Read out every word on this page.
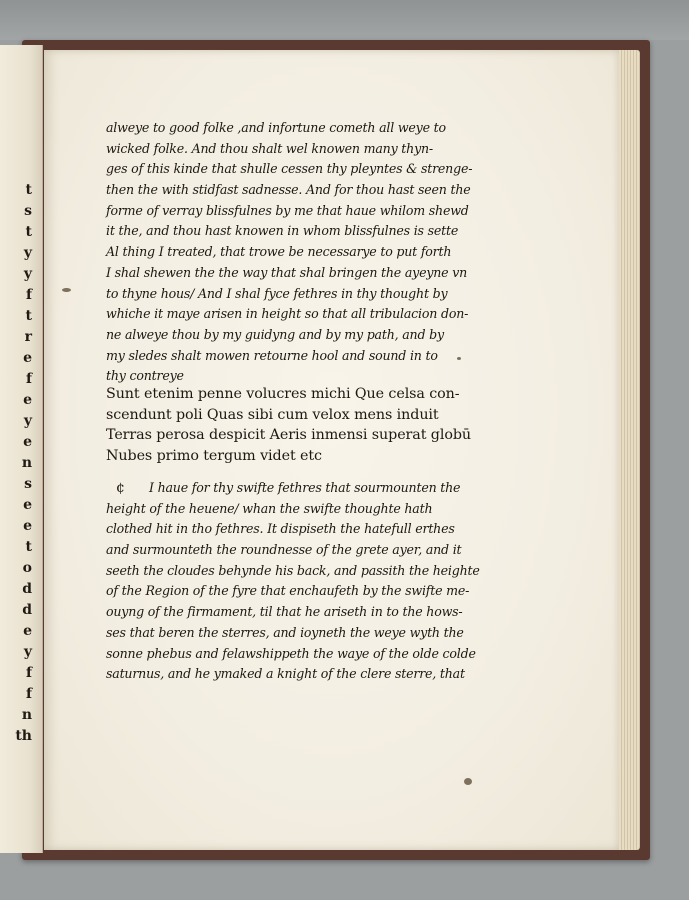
t
s
t
y
y
f
t
r
e
f
e
y
e
n
s
e
e
t
o
d
d
e
y
f
f
n
th
alweye to good folke ,and infortune cometh all weye to
wicked folke. And thou shalt wel knowen many thyn-
ges of this kinde that shulle cessen thy pleyntes & strenge-
then the with stidfast sadnesse. And for thou hast seen the
forme of verray blissfulnes by me that haue whilom shewd
it the, and thou hast knowen in whom blissfulnes is sette
Al thing I treated, that trowe be necessarye to put forth
I shal shewen the the way that shal bringen the ayeyne vn
to thyne hous/ And I shal fyce fethres in thy thought by
whiche it maye arisen in height so that all tribulacion don-
ne alweye thou by my guidyng and by my path, and by
my sledes shalt mowen retourne hool and sound in to
thy contreye
Sunt etenim penne volucres michi Que celsa con-
scendunt poli Quas sibi cum velox mens induit
Terras perosa despicit Aeris inmensi superat globū
Nubes primo tergum videt etc
I haue for thy swifte fethres that sourmounten the
height of the heuene/ whan the swifte thoughte hath
clothed hit in tho fethres. It dispiseth the hatefull erthes
and surmounteth the roundnesse of the grete ayer, and it
seeth the cloudes behynde his back, and passith the heighte
of the Region of the fyre that enchaufeth by the swifte me-
ouyng of the firmament, til that he ariseth in to the hows-
ses that beren the sterres, and ioyneth the weye wyth the
sonne phebus and felawshippeth the waye of the olde colde
saturnus, and he ymaked a knight of the clere sterre, that
¢
